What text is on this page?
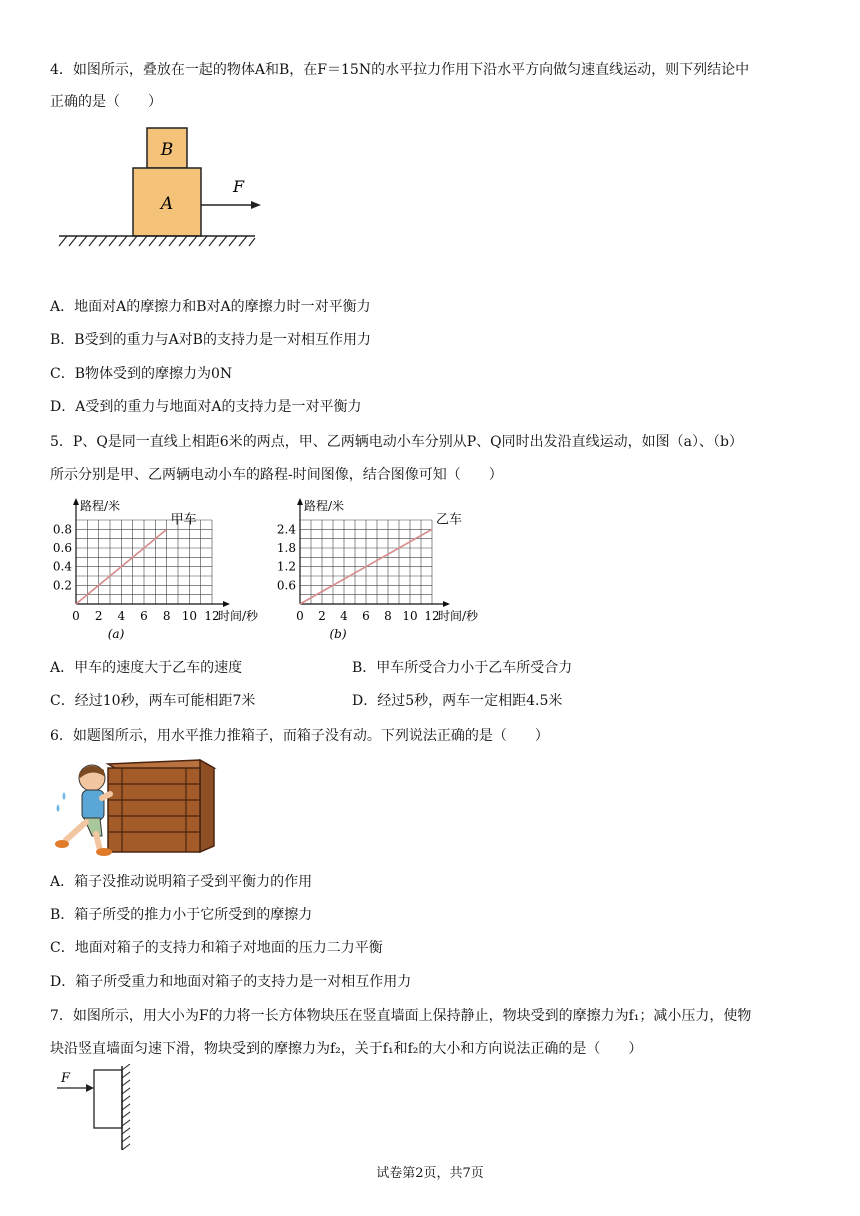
4．如图所示，叠放在一起的物体A和B，在F＝15N的水平拉力作用下沿水平方向做匀速直线运动，则下列结论中
正确的是（　　）
B
A
F
A．地面对A的摩擦力和B对A的摩擦力时一对平衡力
B．B受到的重力与A对B的支持力是一对相互作用力
C．B物体受到的摩擦力为0N
D．A受到的重力与地面对A的支持力是一对平衡力
5．P、Q是同一直线上相距6米的两点，甲、乙两辆电动小车分别从P、Q同时出发沿直线运动，如图（a）、（b）
所示分别是甲、乙两辆电动小车的路程-时间图像，结合图像可知（　　）
0 2 4 6 8 10 12
0.2
0.4
0.6
0.8
时间/秒
路程/米
甲车
(a)
0 2 4 6 8 10 12
0.6
1.2
1.8
2.4
时间/秒
路程/米
乙车
(b)
A．甲车的速度大于乙车的速度	B．甲车所受合力小于乙车所受合力
C．经过10秒，两车可能相距7米	D．经过5秒，两车一定相距4.5米
6．如题图所示，用水平推力推箱子，而箱子没有动。下列说法正确的是（　　）
A．箱子没推动说明箱子受到平衡力的作用
B．箱子所受的推力小于它所受到的摩擦力
C．地面对箱子的支持力和箱子对地面的压力二力平衡
D．箱子所受重力和地面对箱子的支持力是一对相互作用力
7．如图所示，用大小为F的力将一长方体物块压在竖直墙面上保持静止，物块受到的摩擦力为f₁；减小压力，使物
块沿竖直墙面匀速下滑，物块受到的摩擦力为f₂，关于f₁和f₂的大小和方向说法正确的是（　　）
F
试卷第2页，共7页
